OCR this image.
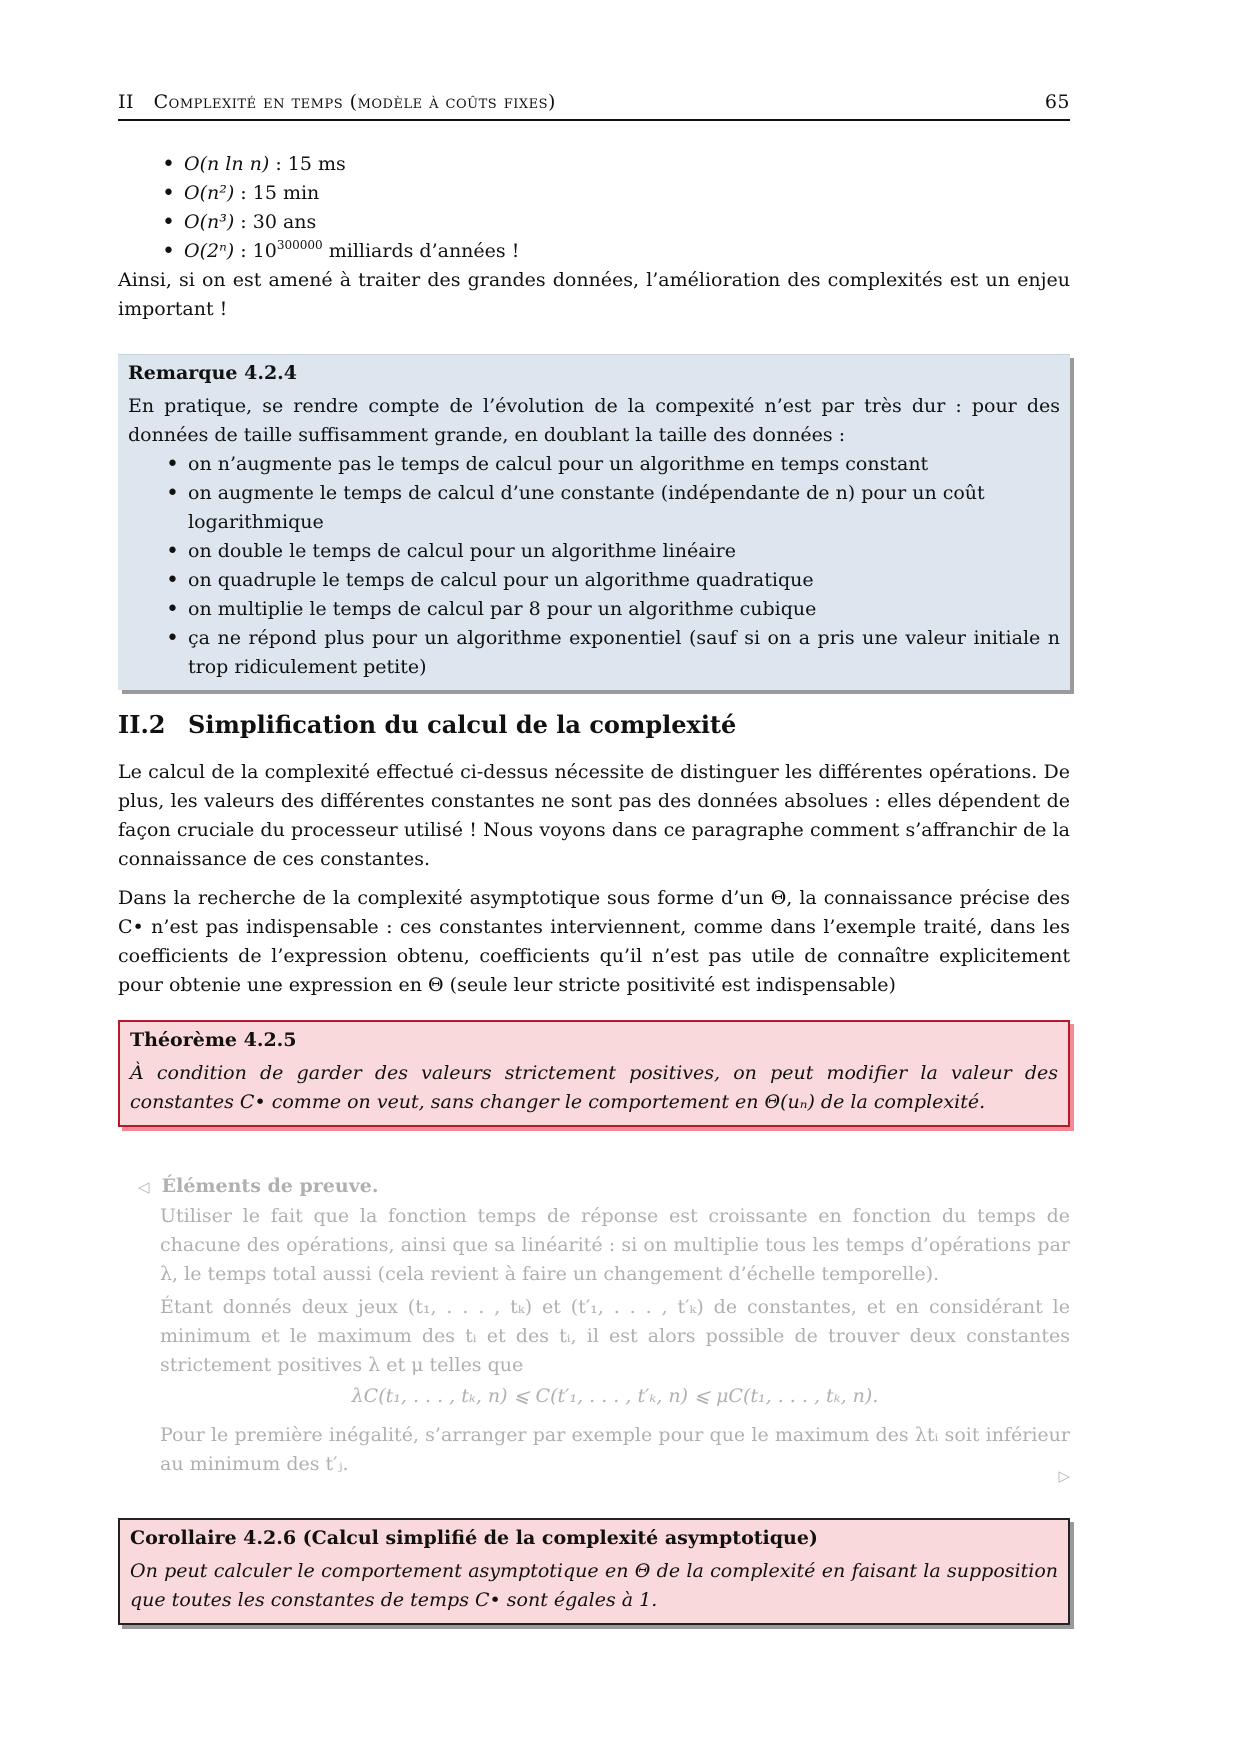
II Complexité en temps (modèle à coûts fixes)	65
• O(n ln n) : 15 ms
• O(n²) : 15 min
• O(n³) : 30 ans
• O(2ⁿ) : $10^{300000}$ milliards d’années !

Ainsi, si on est amené à traiter des grandes données, l’amélioration des complexités est un enjeu important !

Remarque 4.2.4

En pratique, se rendre compte de l’évolution de la compexité n’est par très dur : pour des données de taille suffisamment grande, en doublant la taille des données :

• on n’augmente pas le temps de calcul pour un algorithme en temps constant
• on augmente le temps de calcul d’une constante (indépendante de n) pour un coût logarithmique
• on double le temps de calcul pour un algorithme linéaire
• on quadruple le temps de calcul pour un algorithme quadratique
• on multiplie le temps de calcul par 8 pour un algorithme cubique
• ça ne répond plus pour un algorithme exponentiel (sauf si on a pris une valeur initiale n trop ridiculement petite)
II.2 Simplification du calcul de la complexité

Le calcul de la complexité effectué ci-dessus nécessite de distinguer les différentes opérations. De plus, les valeurs des différentes constantes ne sont pas des données absolues : elles dépendent de façon cruciale du processeur utilisé ! Nous voyons dans ce paragraphe comment s’affranchir de la connaissance de ces constantes.

Dans la recherche de la complexité asymptotique sous forme d’un Θ, la connaissance précise des C• n’est pas indispensable : ces constantes interviennent, comme dans l’exemple traité, dans les coefficients de l’expression obtenu, coefficients qu’il n’est pas utile de connaître explicitement pour obtenie une expression en Θ (seule leur stricte positivité est indispensable)

Théorème 4.2.5
À condition de garder des valeurs strictement positives, on peut modifier la valeur des constantes C• comme on veut, sans changer le comportement en Θ(uₙ) de la complexité.
◁ Éléments de preuve.

Utiliser le fait que la fonction temps de réponse est croissante en fonction du temps de chacune des opérations, ainsi que sa linéarité : si on multiplie tous les temps d’opérations par λ, le temps total aussi (cela revient à faire un changement d’échelle temporelle).

Étant donnés deux jeux (t₁, . . . , tₖ) et (t′₁, . . . , t′ₖ) de constantes, et en considérant le minimum et le maximum des tᵢ et des tᵢ, il est alors possible de trouver deux constantes strictement positives λ et μ telles que

λC(t₁, . . . , tₖ, n) ⩽ C(t′₁, . . . , t′ₖ, n) ⩽ μC(t₁, . . . , tₖ, n).

Pour le première inégalité, s’arranger par exemple pour que le maximum des λtᵢ soit inférieur au minimum des t′ⱼ.

▷
Corollaire 4.2.6 (Calcul simplifié de la complexité asymptotique)
On peut calculer le comportement asymptotique en Θ de la complexité en faisant la supposition que toutes les constantes de temps C• sont égales à 1.
